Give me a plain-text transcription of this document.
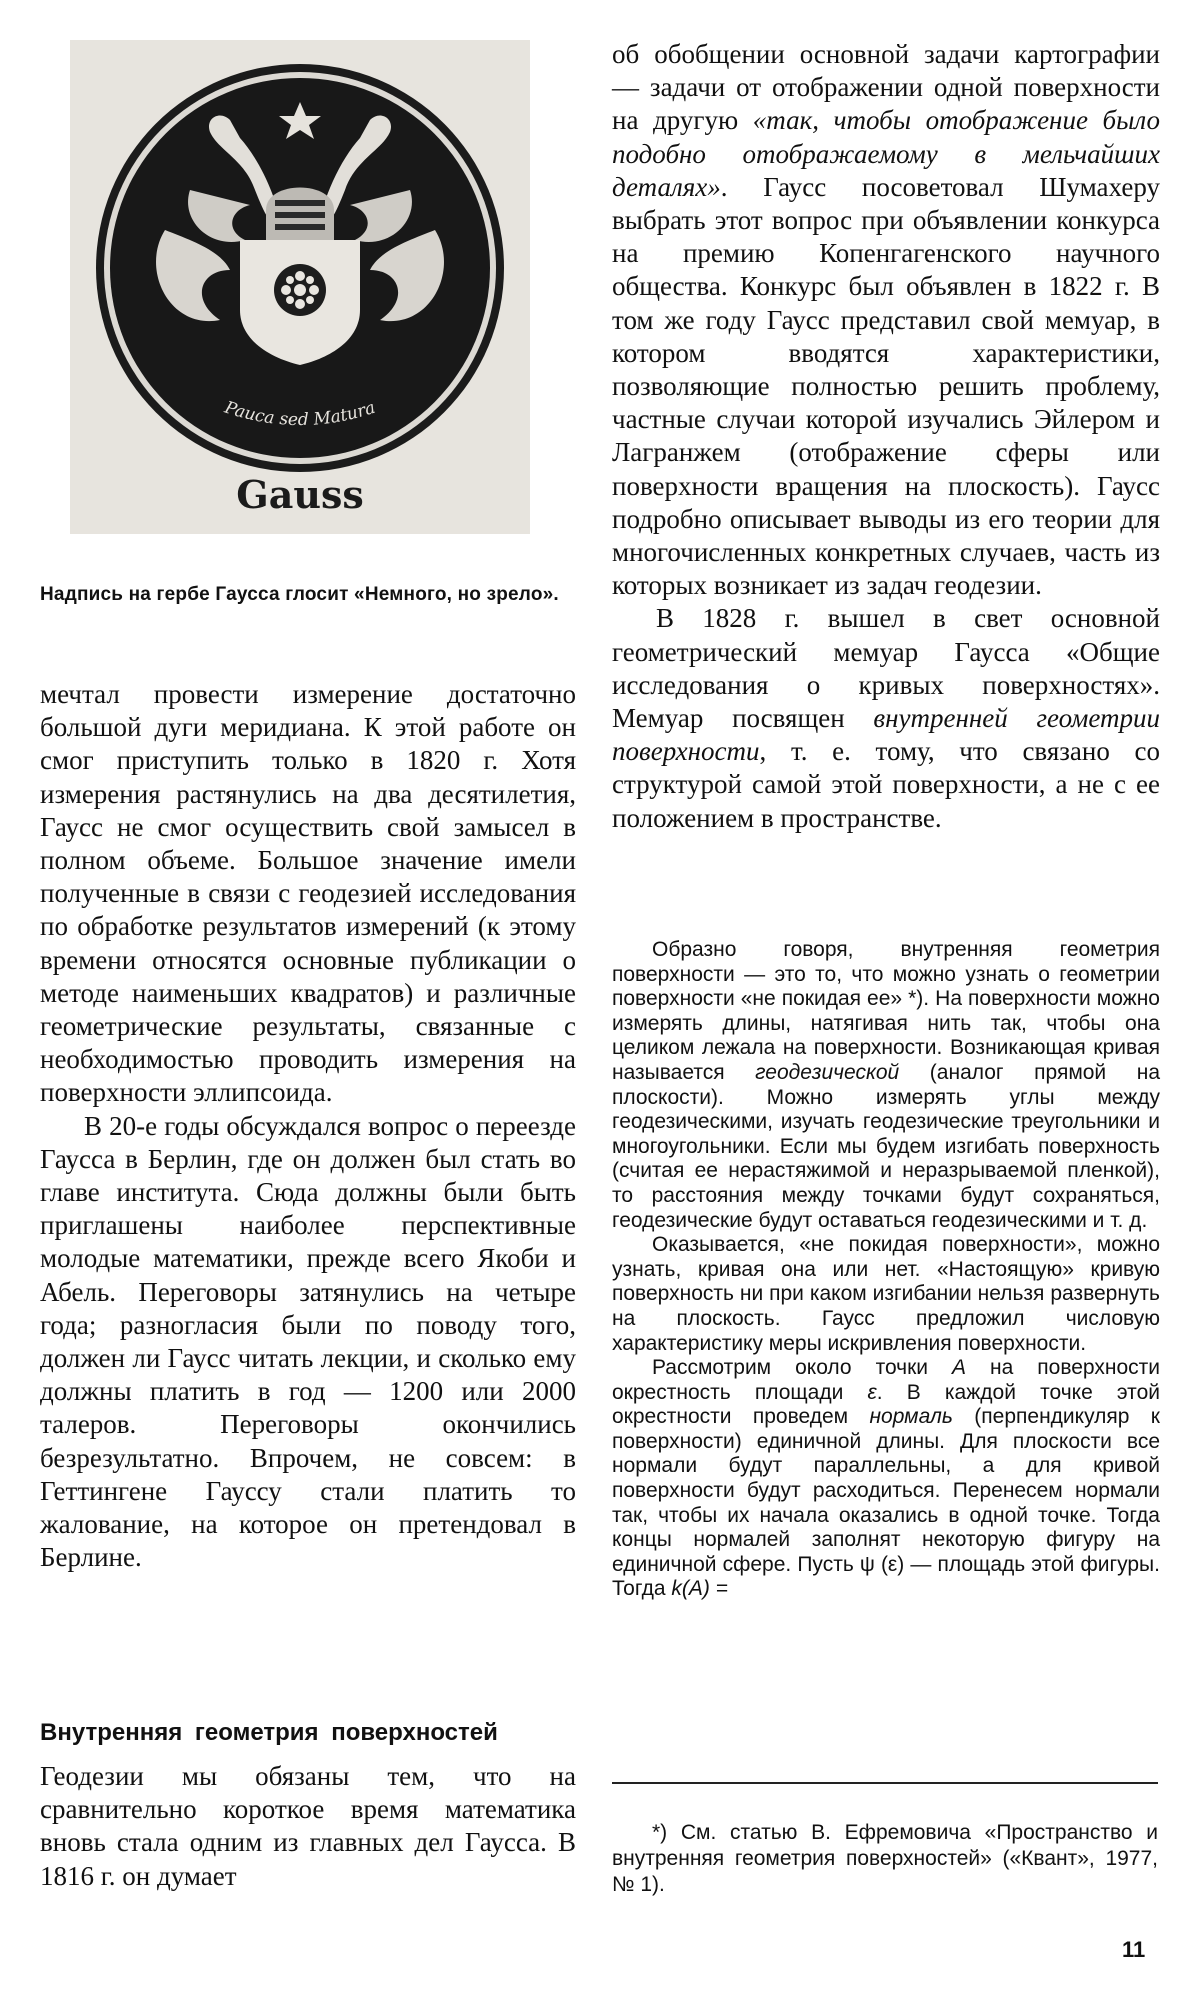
Pauca sed Matura
Gauss
Надпись на гербе Гаусса глосит «Немного, но зрело».

мечтал провести измерение достаточно большой дуги меридиана. К этой работе он смог приступить только в 1820 г. Хотя измерения растянулись на два десятилетия, Гаусс не смог осуществить свой замысел в полном объеме. Большое значение имели полученные в связи с геодезией исследования по обработке результатов измерений (к этому времени относятся основные публикации о методе наименьших квадратов) и различные геометрические результаты, связанные с необходимостью проводить измерения на поверхности эллипсоида.

В 20-е годы обсуждался вопрос о переезде Гаусса в Берлин, где он должен был стать во главе института. Сюда должны были быть приглашены наиболее перспективные молодые математики, прежде всего Якоби и Абель. Переговоры затянулись на четыре года; разногласия были по поводу того, должен ли Гаусс читать лекции, и сколько ему должны платить в год — 1200 или 2000 талеров. Переговоры окончились безрезультатно. Впрочем, не совсем: в Геттингене Гауссу стали платить то жалование, на которое он претендовал в Берлине.

Внутренняя геометрия поверхностей

Геодезии мы обязаны тем, что на сравнительно короткое время математика вновь стала одним из главных дел Гаусса. В 1816 г. он думает

об обобщении основной задачи картографии — задачи от отображении одной поверхности на другую «так, чтобы отображение было подобно отображаемому в мельчайших деталях». Гаусс посоветовал Шумахеру выбрать этот вопрос при объявлении конкурса на премию Копенгагенского научного общества. Конкурс был объявлен в 1822 г. В том же году Гаусс представил свой мемуар, в котором вводятся характеристики, позволяющие полностью решить проблему, частные случаи которой изучались Эйлером и Лагранжем (отображение сферы или поверхности вращения на плоскость). Гаусс подробно описывает выводы из его теории для многочисленных конкретных случаев, часть из которых возникает из задач геодезии.

В 1828 г. вышел в свет основной геометрический мемуар Гаусса «Общие исследования о кривых поверхностях». Мемуар посвящен внутренней геометрии поверхности, т. е. тому, что связано со структурой самой этой поверхности, а не с ее положением в пространстве.

Образно говоря, внутренняя геометрия поверхности — это то, что можно узнать о геометрии поверхности «не покидая ее» *). На поверхности можно измерять длины, натягивая нить так, чтобы она целиком лежала на поверхности. Возникающая кривая называется геодезической (аналог прямой на плоскости). Можно измерять углы между геодезическими, изучать геодезические треугольники и многоугольники. Если мы будем изгибать поверхность (считая ее нерастяжимой и неразрываемой пленкой), то расстояния между точками будут сохраняться, геодезические будут оставаться геодезическими и т. д.

Оказывается, «не покидая поверхности», можно узнать, кривая она или нет. «Настоящую» кривую поверхность ни при каком изгибании нельзя развернуть на плоскость. Гаусс предложил числовую характеристику меры искривления поверхности.

Рассмотрим около точки A на поверхности окрестность площади ε. В каждой точке этой окрестности проведем нормаль (перпендикуляр к поверхности) единичной длины. Для плоскости все нормали будут параллельны, а для кривой поверхности будут расходиться. Перенесем нормали так, чтобы их начала оказались в одной точке. Тогда концы нормалей заполнят некоторую фигуру на единичной сфере. Пусть ψ (ε) — площадь этой фигуры. Тогда k(A) =

*) См. статью В. Ефремовича «Пространство и внутренняя геометрия поверхностей» («Квант», 1977, № 1).

11
